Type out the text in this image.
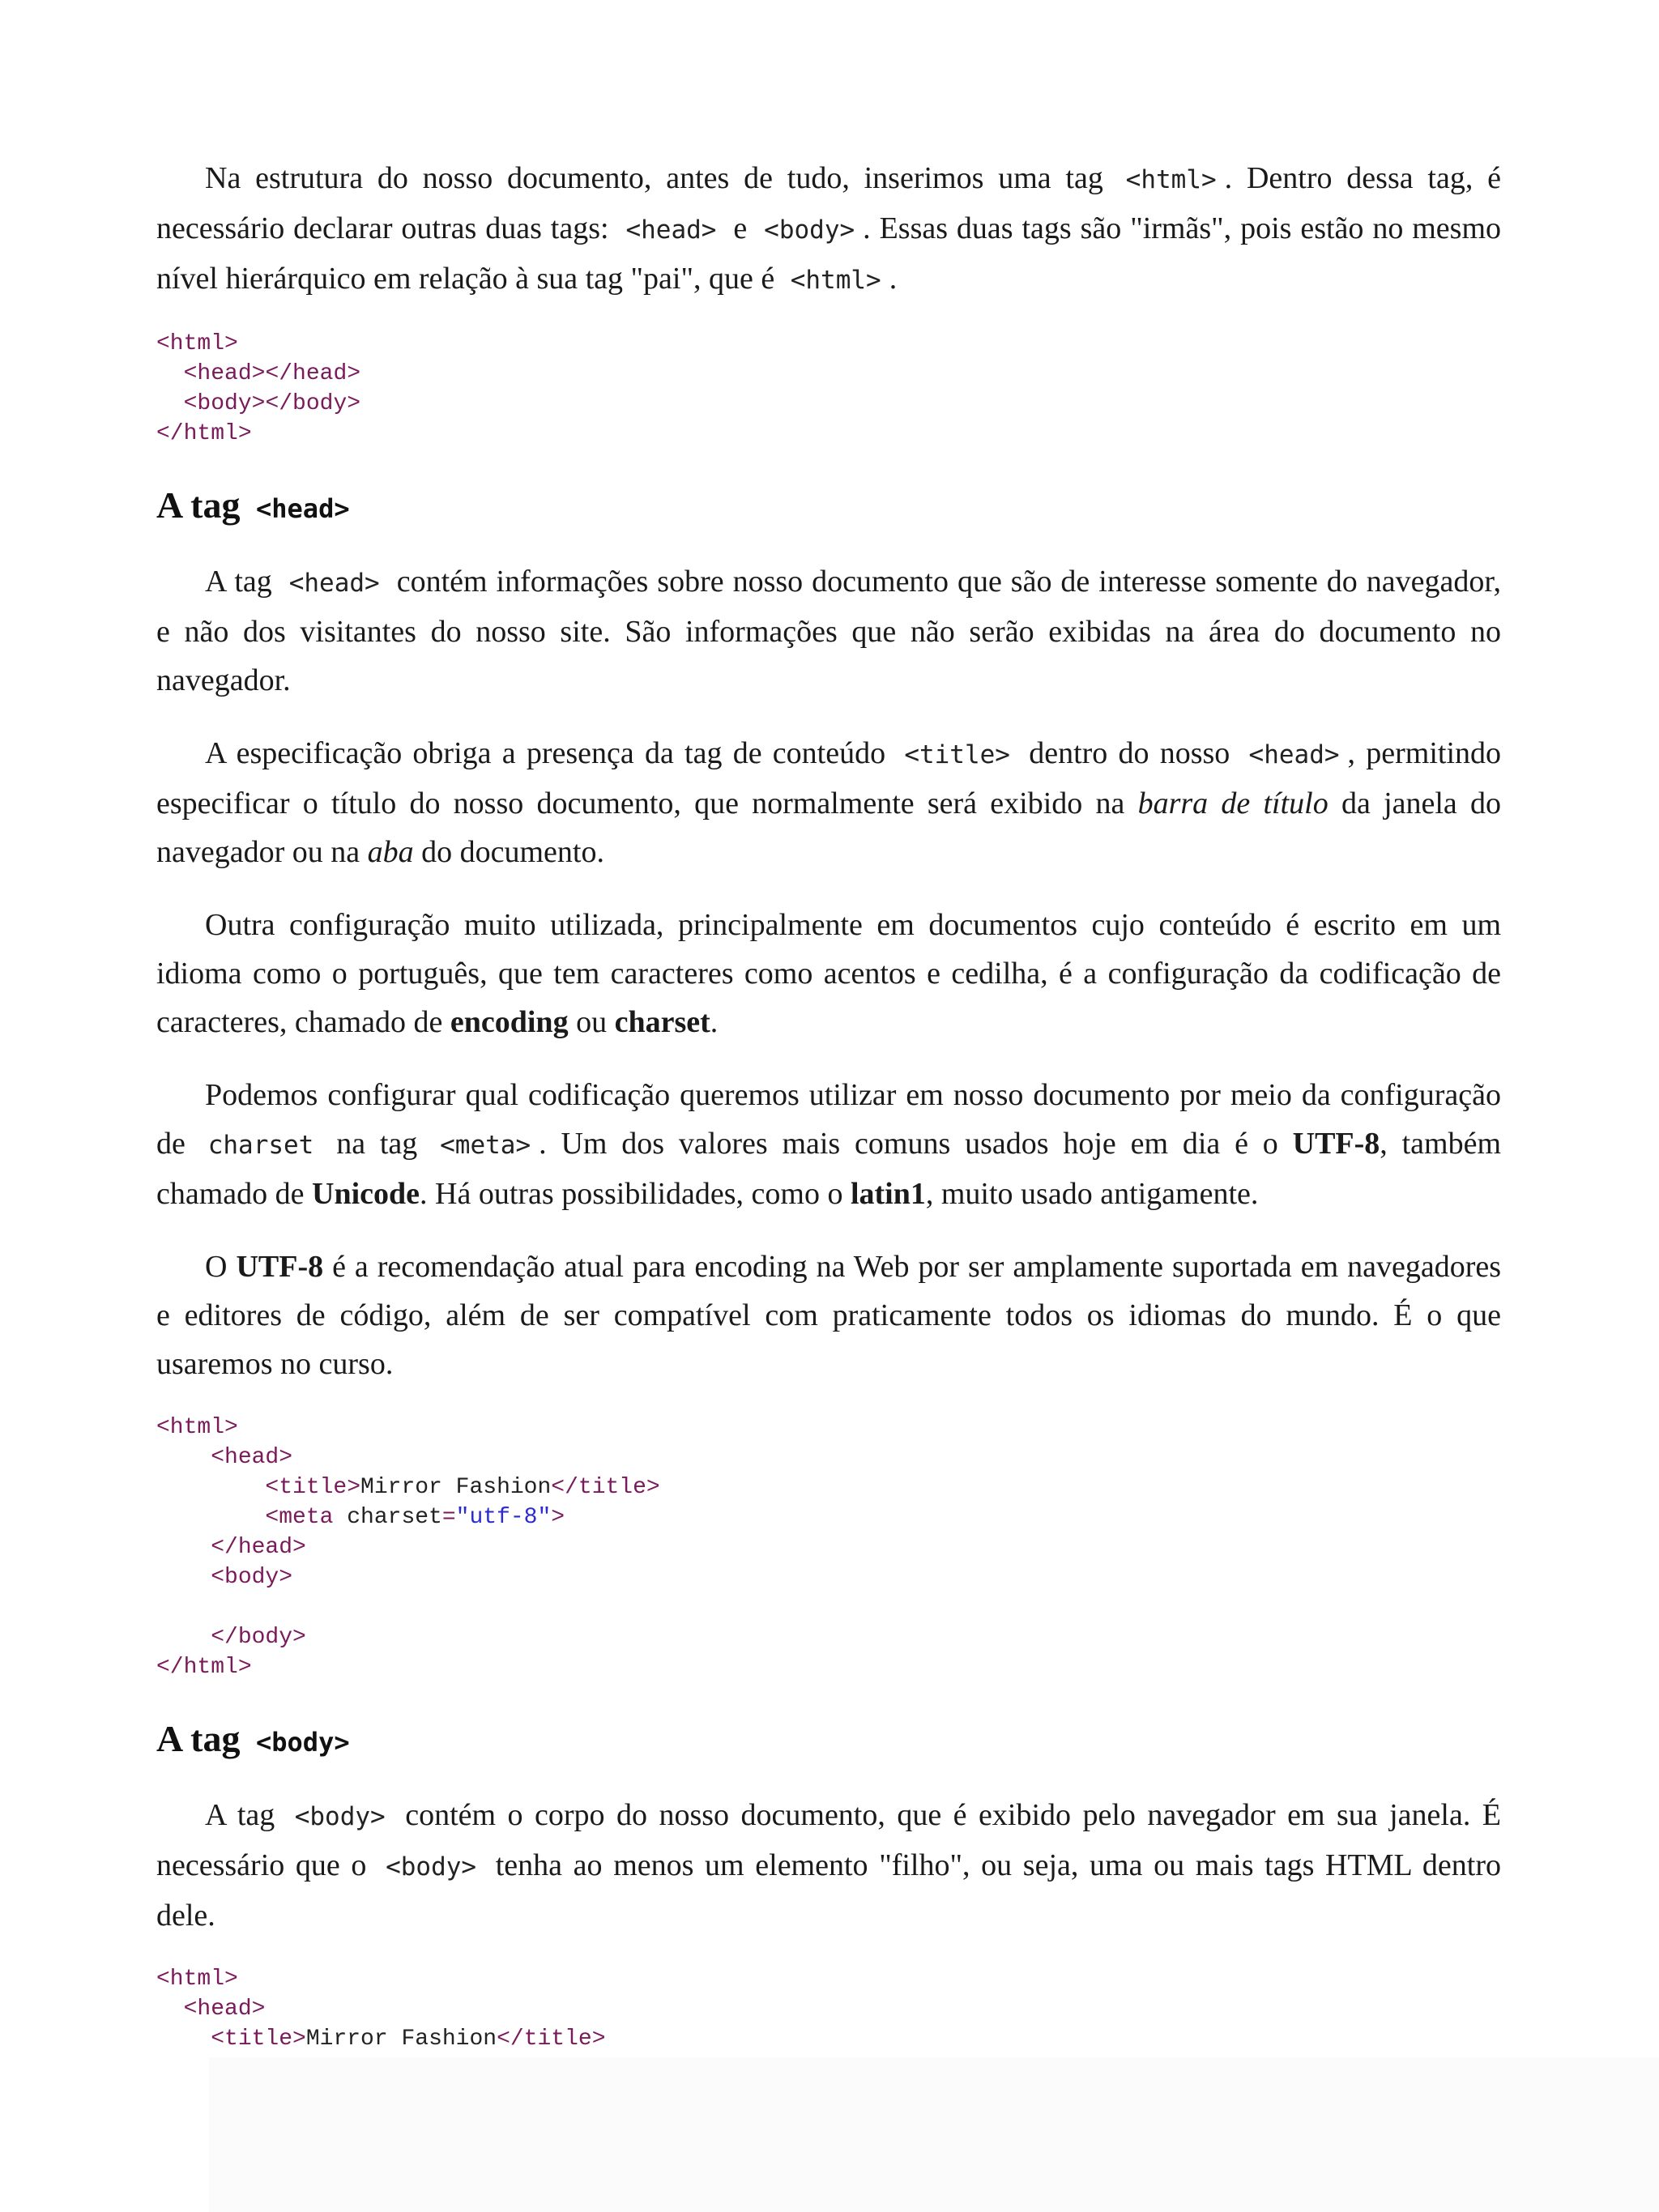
Na estrutura do nosso documento, antes de tudo, inserimos uma tag <html> . Dentro dessa tag, é necessário declarar outras duas tags: <head> e <body> . Essas duas tags são "irmãs", pois estão no mesmo nível hierárquico em relação à sua tag "pai", que é <html> .

<html>
<head></head>
<body></body>
</html>
A tag <head>

A tag <head> contém informações sobre nosso documento que são de interesse somente do navegador, e não dos visitantes do nosso site. São informações que não serão exibidas na área do documento no navegador.

A especificação obriga a presença da tag de conteúdo <title> dentro do nosso <head> , permitindo especificar o título do nosso documento, que normalmente será exibido na barra de título da janela do navegador ou na aba do documento.

Outra configuração muito utilizada, principalmente em documentos cujo conteúdo é escrito em um idioma como o português, que tem caracteres como acentos e cedilha, é a configuração da codificação de caracteres, chamado de encoding ou charset.

Podemos configurar qual codificação queremos utilizar em nosso documento por meio da configuração de charset na tag <meta> . Um dos valores mais comuns usados hoje em dia é o UTF-8, também chamado de Unicode. Há outras possibilidades, como o latin1, muito usado antigamente.

O UTF-8 é a recomendação atual para encoding na Web por ser amplamente suportada em navegadores e editores de código, além de ser compatível com praticamente todos os idiomas do mundo. É o que usaremos no curso.

<html>
<head>
<title>Mirror Fashion</title>
<meta charset="utf-8">
</head>
<body>

</body>
</html>
A tag <body>

A tag <body> contém o corpo do nosso documento, que é exibido pelo navegador em sua janela. É necessário que o <body> tenha ao menos um elemento "filho", ou seja, uma ou mais tags HTML dentro dele.

<html>
<head>
<title>Mirror Fashion</title>
